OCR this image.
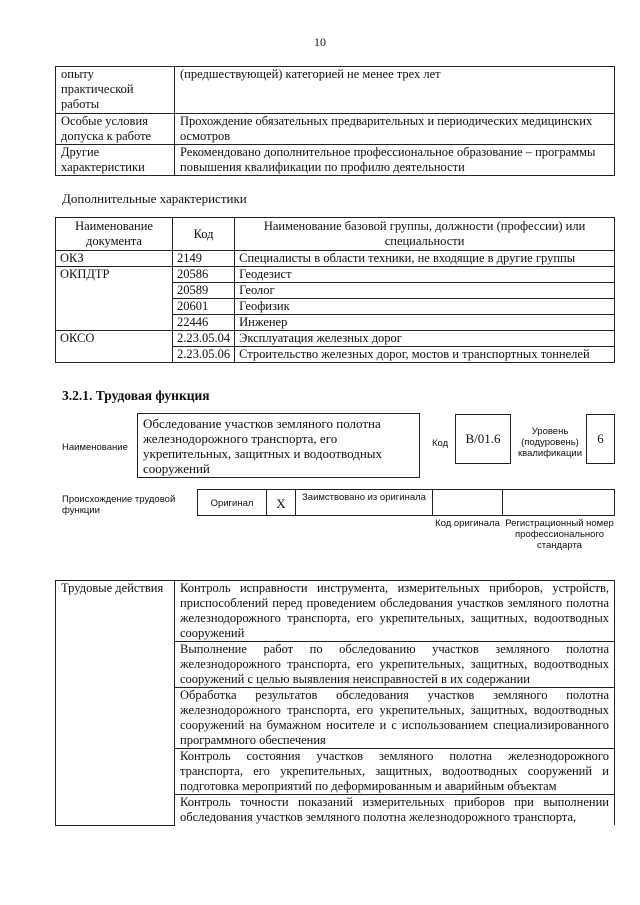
10
опыту практической работы	(предшествующей) категорией не менее трех лет
Особые условия допуска к работе	Прохождение обязательных предварительных и периодических медицинских осмотров
Другие характеристики	Рекомендовано дополнительное профессиональное образование – программы повышения квалификации по профилю деятельности
Дополнительные характеристики
Наименование документа	Код	Наименование базовой группы, должности (профессии) или специальности
ОКЗ	2149	Специалисты в области техники, не входящие в другие группы
ОКПДТР	20586	Геодезист
	20589	Геолог
	20601	Геофизик
	22446	Инженер
ОКСО	2.23.05.04	Эксплуатация железных дорог
	2.23.05.06	Строительство железных дорог, мостов и транспортных тоннелей
3.2.1. Трудовая функция
Наименование
Обследование участков земляного полотна железнодорожного транспорта, его укрепительных, защитных и водоотводных сооружений
Код	B/01.6	Уровень (подуровень) квалификации
6
Происхождение трудовой функции
Оригинал	X	Заимствовано из оригинала
Код оригинала Регистрационный номер профессионального стандарта
Трудовые действия	Контроль исправности инструмента, измерительных приборов, устройств, приспособлений перед проведением обследования участков земляного полотна железнодорожного транспорта, его укрепительных, защитных, водоотводных сооружений
Выполнение работ по обследованию участков земляного полотна железнодорожного транспорта, его укрепительных, защитных, водоотводных сооружений с целью выявления неисправностей в их содержании
Обработка результатов обследования участков земляного полотна железнодорожного транспорта, его укрепительных, защитных, водоотводных сооружений на бумажном носителе и с использованием специализированного программного обеспечения
Контроль состояния участков земляного полотна железнодорожного транспорта, его укрепительных, защитных, водоотводных сооружений и подготовка мероприятий по деформированным и аварийным объектам
Контроль точности показаний измерительных приборов при выполнении обследования участков земляного полотна железнодорожного транспорта,
